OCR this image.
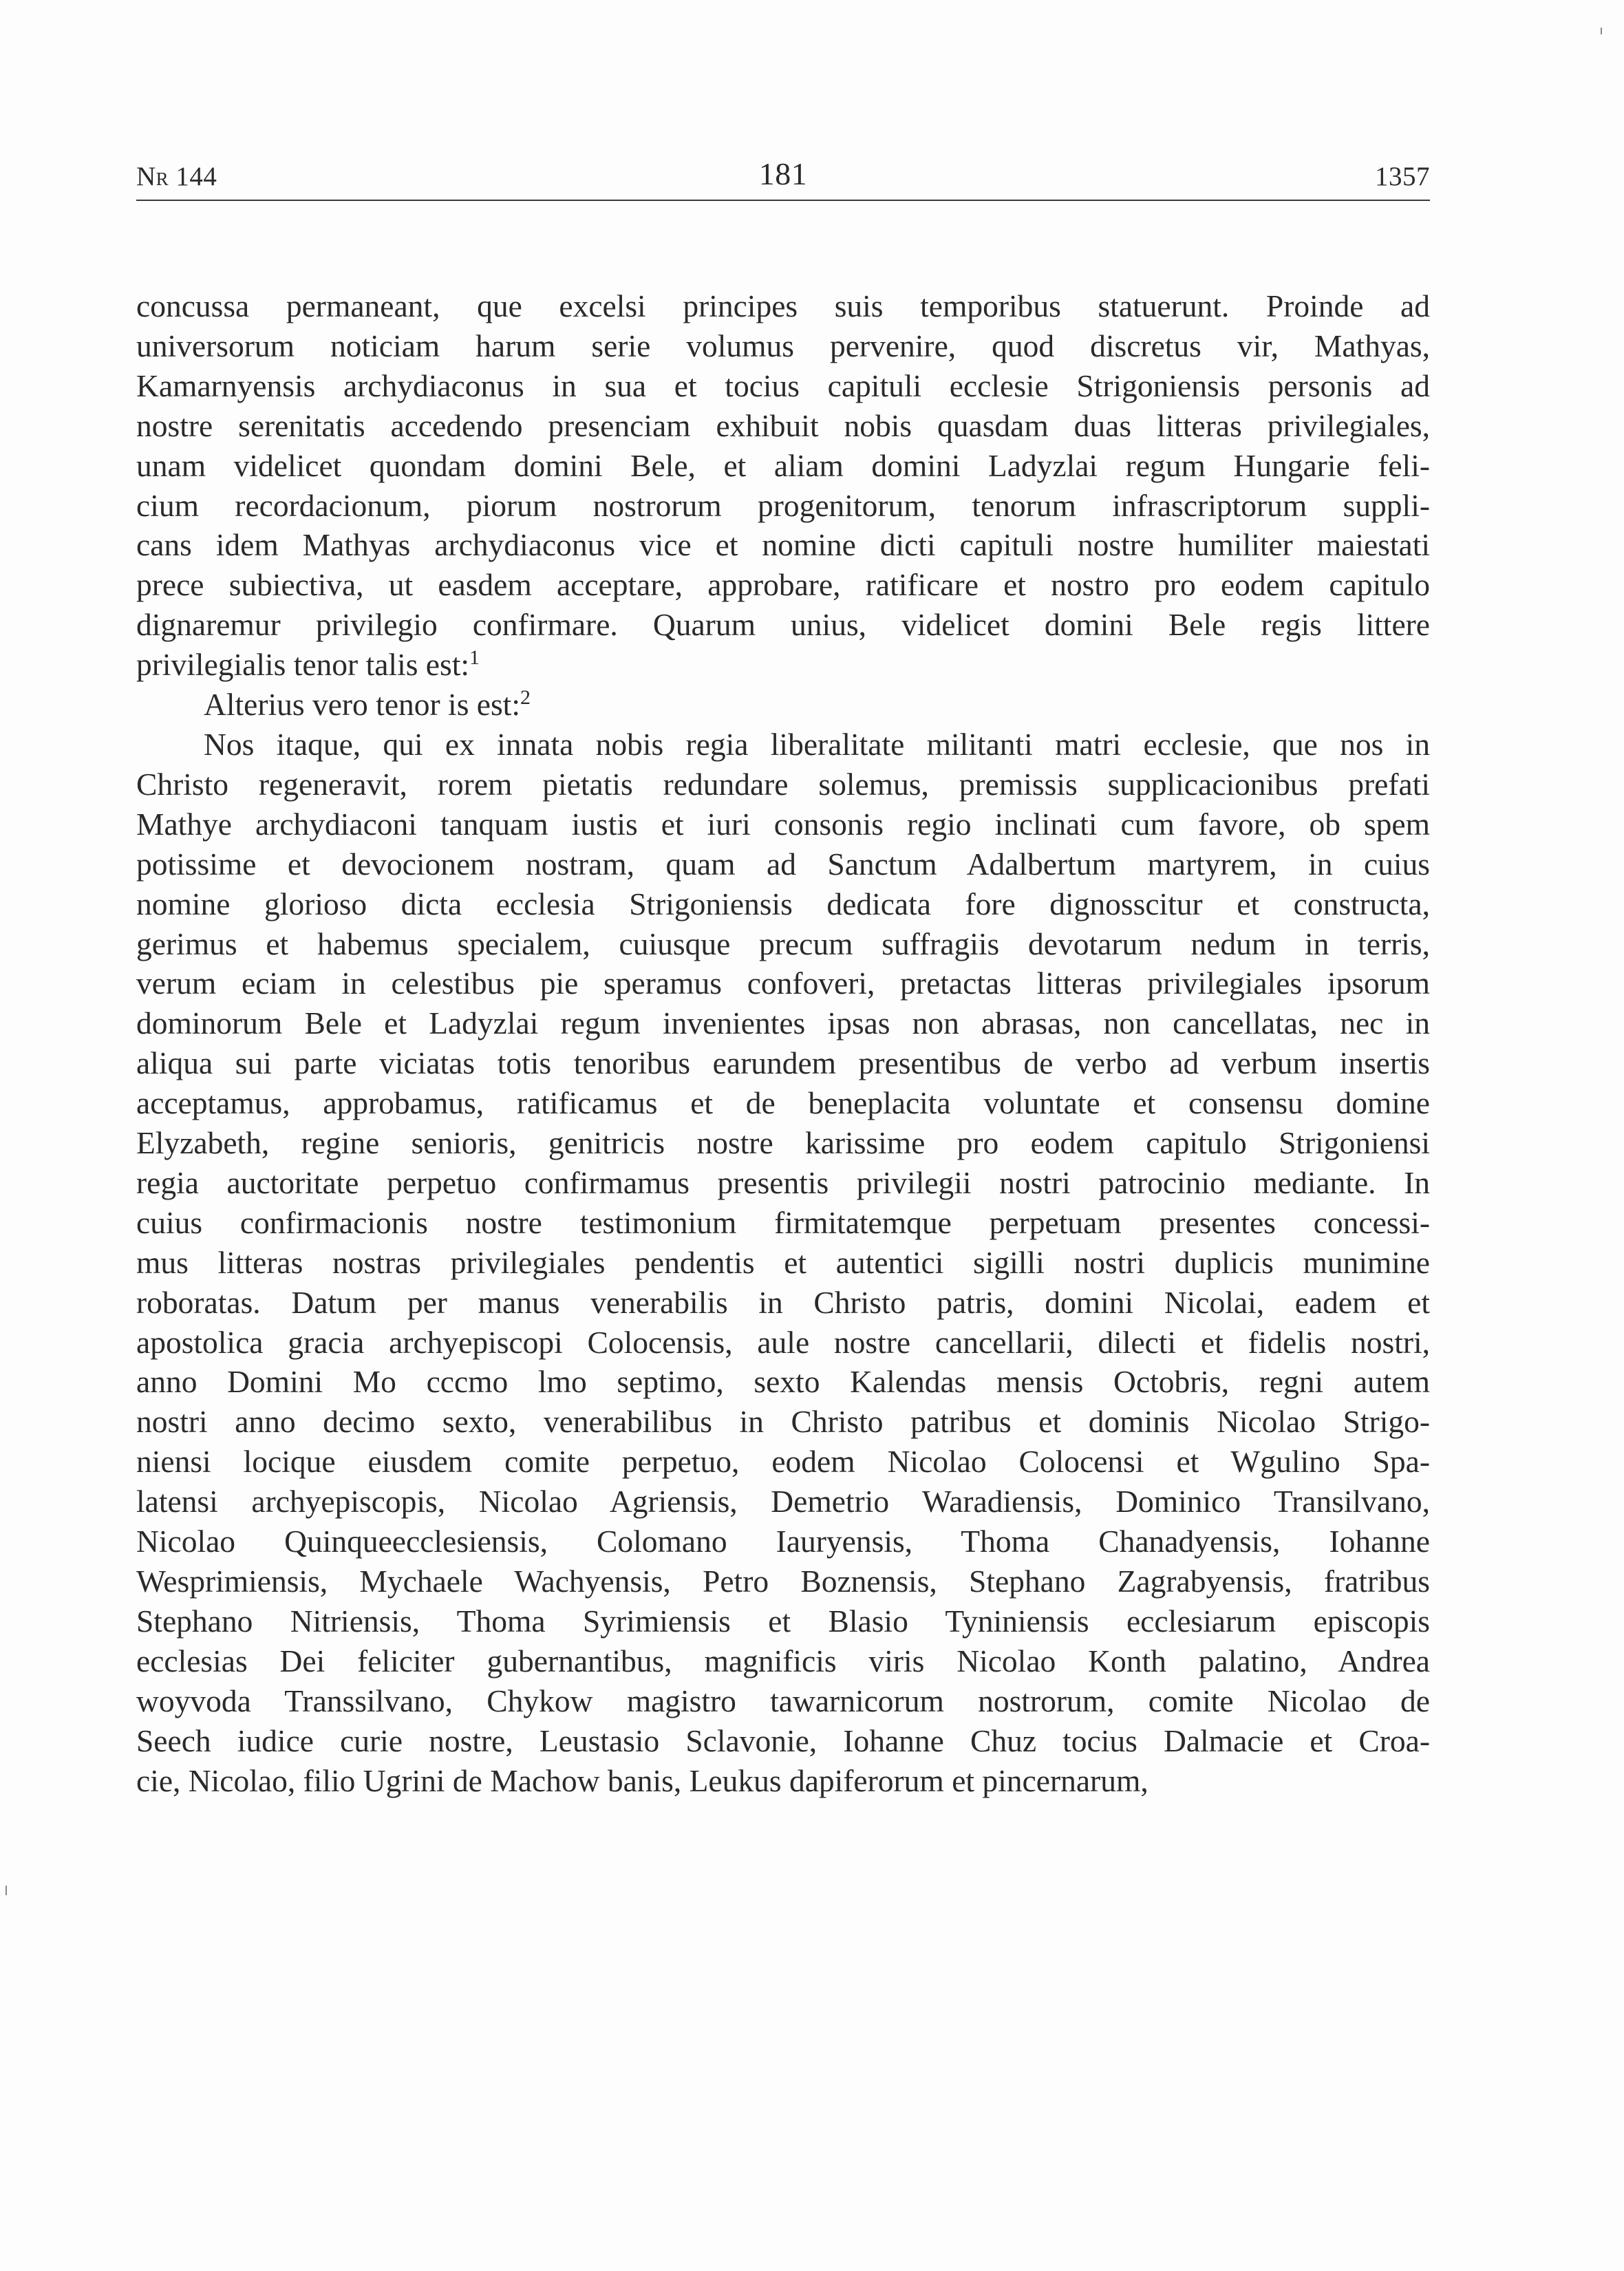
Nr 144	181	1357
concussa permaneant, que excelsi principes suis temporibus statuerunt. Proinde ad
universorum noticiam harum serie volumus pervenire, quod discretus vir, Mathyas,
Kamarnyensis archydiaconus in sua et tocius capituli ecclesie Strigoniensis personis ad
nostre serenitatis accedendo presenciam exhibuit nobis quasdam duas litteras privilegiales,
unam videlicet quondam domini Bele, et aliam domini Ladyzlai regum Hungarie feli-
cium recordacionum, piorum nostrorum progenitorum, tenorum infrascriptorum suppli-
cans idem Mathyas archydiaconus vice et nomine dicti capituli nostre humiliter maiestati
prece subiectiva, ut easdem acceptare, approbare, ratificare et nostro pro eodem capitulo
dignaremur privilegio confirmare. Quarum unius, videlicet domini Bele regis littere
privilegialis tenor talis est:$^1$
Alterius vero tenor is est:$^2$
Nos itaque, qui ex innata nobis regia liberalitate militanti matri ecclesie, que nos in
Christo regeneravit, rorem pietatis redundare solemus, premissis supplicacionibus prefati
Mathye archydiaconi tanquam iustis et iuri consonis regio inclinati cum favore, ob spem
potissime et devocionem nostram, quam ad Sanctum Adalbertum martyrem, in cuius
nomine glorioso dicta ecclesia Strigoniensis dedicata fore dignosscitur et constructa,
gerimus et habemus specialem, cuiusque precum suffragiis devotarum nedum in terris,
verum eciam in celestibus pie speramus confoveri, pretactas litteras privilegiales ipsorum
dominorum Bele et Ladyzlai regum invenientes ipsas non abrasas, non cancellatas, nec in
aliqua sui parte viciatas totis tenoribus earundem presentibus de verbo ad verbum insertis
acceptamus, approbamus, ratificamus et de beneplacita voluntate et consensu domine
Elyzabeth, regine senioris, genitricis nostre karissime pro eodem capitulo Strigoniensi
regia auctoritate perpetuo confirmamus presentis privilegii nostri patrocinio mediante. In
cuius confirmacionis nostre testimonium firmitatemque perpetuam presentes concessi-
mus litteras nostras privilegiales pendentis et autentici sigilli nostri duplicis munimine
roboratas. Datum per manus venerabilis in Christo patris, domini Nicolai, eadem et
apostolica gracia archyepiscopi Colocensis, aule nostre cancellarii, dilecti et fidelis nostri,
anno Domini Mo cccmo lmo septimo, sexto Kalendas mensis Octobris, regni autem
nostri anno decimo sexto, venerabilibus in Christo patribus et dominis Nicolao Strigo-
niensi locique eiusdem comite perpetuo, eodem Nicolao Colocensi et Wgulino Spa-
latensi archyepiscopis, Nicolao Agriensis, Demetrio Waradiensis, Dominico Transilvano,
Nicolao Quinqueecclesiensis, Colomano Iauryensis, Thoma Chanadyensis, Iohanne
Wesprimiensis, Mychaele Wachyensis, Petro Boznensis, Stephano Zagrabyensis, fratribus
Stephano Nitriensis, Thoma Syrimiensis et Blasio Tyniniensis ecclesiarum episcopis
ecclesias Dei feliciter gubernantibus, magnificis viris Nicolao Konth palatino, Andrea
woyvoda Transsilvano, Chykow magistro tawarnicorum nostrorum, comite Nicolao de
Seech iudice curie nostre, Leustasio Sclavonie, Iohanne Chuz tocius Dalmacie et Croa-
cie, Nicolao, filio Ugrini de Machow banis, Leukus dapiferorum et pincernarum,
